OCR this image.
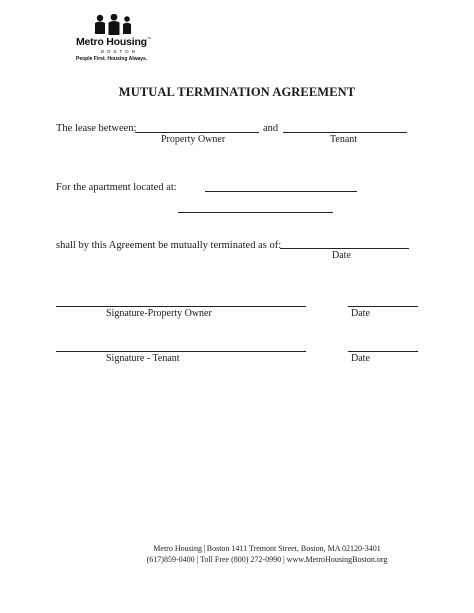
Metro Housing™
BOSTON
People First. Housing Always.
MUTUAL TERMINATION AGREEMENT
The lease between:	and
Property Owner	Tenant
For the apartment located at:
shall by this Agreement be mutually terminated as of:
Date
Signature-Property Owner	Date
Signature - Tenant	Date
Metro Housing | Boston 1411 Tremont Street, Boston, MA 02120-3401
(617)859-0400 | Toll Free (800) 272-0990 | www.MetroHousingBoston.org
